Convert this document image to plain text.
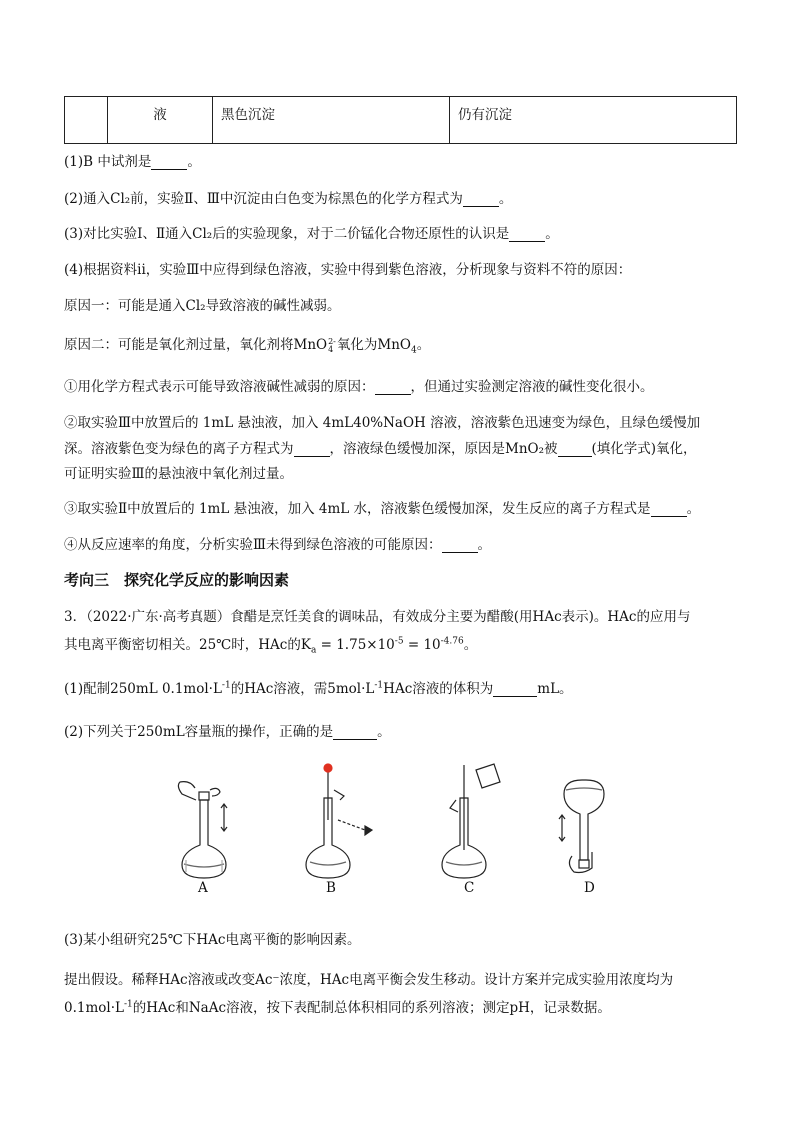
	液	黑色沉淀	仍有沉淀
(1)B 中试剂是	。
(2)通入Cl₂前，实验Ⅱ、Ⅲ中沉淀由白色变为棕黑色的化学方程式为	。
(3)对比实验Ⅰ、Ⅱ通入Cl₂后的实验现象，对于二价锰化合物还原性的认识是	。
(4)根据资料ii，实验Ⅲ中应得到绿色溶液，实验中得到紫色溶液，分析现象与资料不符的原因：
原因一：可能是通入Cl₂导致溶液的碱性减弱。
原因二：可能是氧化剂过量，氧化剂将MnO 2-
4 氧化为MnO$_4$。
①用化学方程式表示可能导致溶液碱性减弱的原因：	，但通过实验测定溶液的碱性变化很小。
②取实验Ⅲ中放置后的 1mL 悬浊液，加入 4mL40%NaOH 溶液，溶液紫色迅速变为绿色，且绿色缓慢加
深。溶液紫色变为绿色的离子方程式为	，溶液绿色缓慢加深，原因是MnO₂被	(填化学式)氧化，
可证明实验Ⅲ的悬浊液中氧化剂过量。
③取实验Ⅱ中放置后的 1mL 悬浊液，加入 4mL 水，溶液紫色缓慢加深，发生反应的离子方程式是	。
④从反应速率的角度，分析实验Ⅲ未得到绿色溶液的可能原因：	。
考向三　探究化学反应的影响因素
3．（2022·广东·高考真题）食醋是烹饪美食的调味品，有效成分主要为醋酸(用HAc表示)。HAc的应用与
其电离平衡密切相关。25℃时，HAc的$K_a = 1.75\times 10^{-5} = 10^{-4.76}$。
(1)配制250mL $0.1mol\cdot L^{-1}$的HAc溶液，需$5mol\cdot L^{-1}HAc$溶液的体积为	mL。
(2)下列关于250mL容量瓶的操作，正确的是	。
A	B	C	D
(3)某小组研究25℃下HAc电离平衡的影响因素。
提出假设。稀释HAc溶液或改变Ac⁻浓度，HAc电离平衡会发生移动。设计方案并完成实验用浓度均为
$0.1mol\cdot L^{-1}$的HAc和NaAc溶液，按下表配制总体积相同的系列溶液；测定pH，记录数据。
